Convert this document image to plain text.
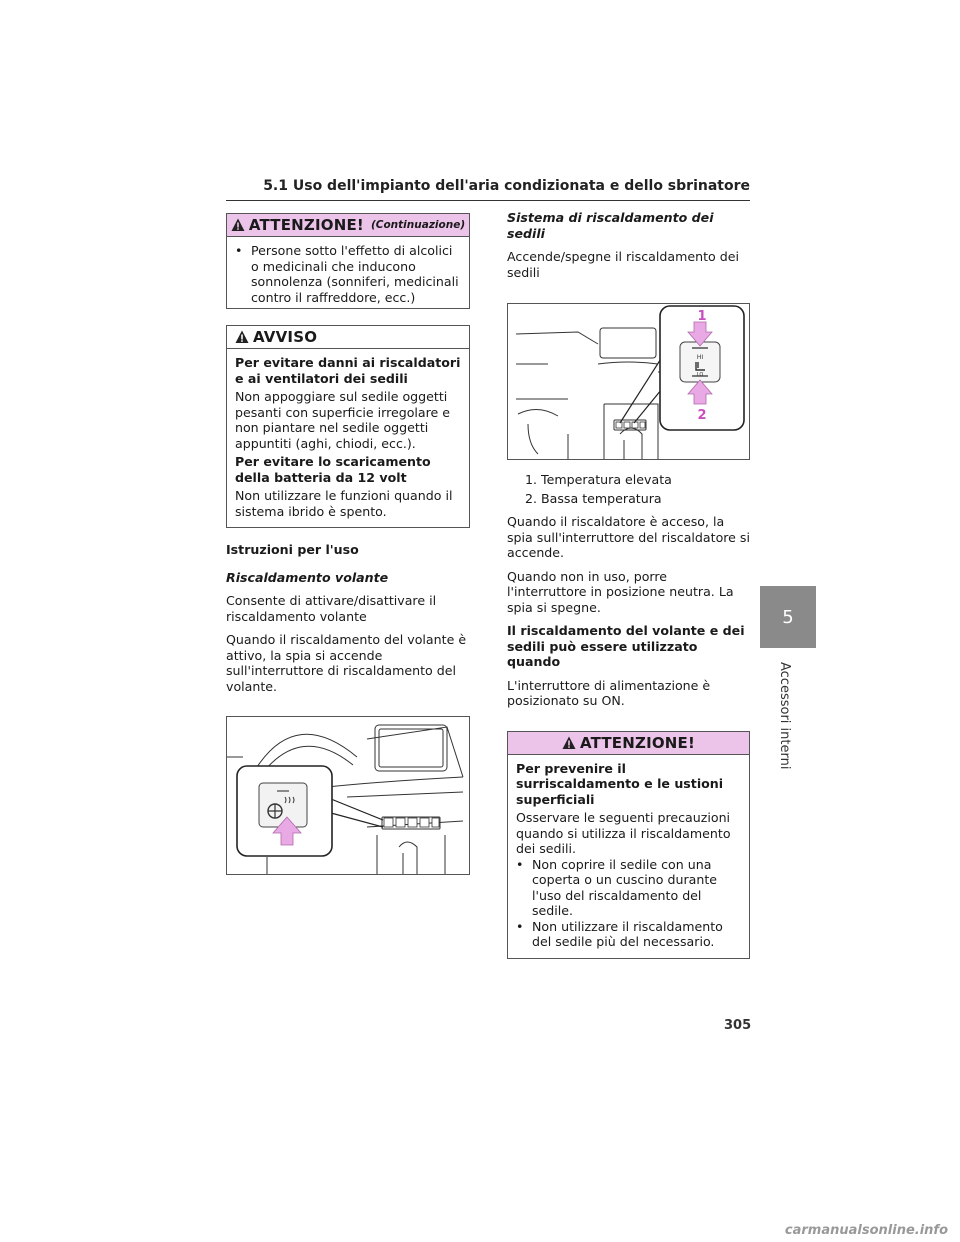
5.1 Uso dell'impianto dell'aria condizionata e dello sbrinatore
ATTENZIONE! (Continuazione)
• Persone sotto l'effetto di alcolici o medicinali che inducono sonnolenza (sonniferi, medicinali contro il raffreddore, ecc.)
AVVISO

Per evitare danni ai riscaldatori e ai ventilatori dei sedili

Non appoggiare sul sedile oggetti pesanti con superficie irregolare e non piantare nel sedile oggetti appuntiti (aghi, chiodi, ecc.).

Per evitare lo scaricamento della batteria da 12 volt

Non utilizzare le funzioni quando il sistema ibrido è spento.

Istruzioni per l'uso

Riscaldamento volante

Consente di attivare/disattivare il riscaldamento volante

Quando il riscaldamento del volante è attivo, la spia si accende sull'interruttore di riscaldamento del volante.

Sistema di riscaldamento dei sedili

Accende/spegne il riscaldamento dei sedili

HI
LO
1
2
1. Temperatura elevata
2. Bassa temperatura

Quando il riscaldatore è acceso, la spia sull'interruttore del riscaldatore si accende.

Quando non in uso, porre l'interruttore in posizione neutra. La spia si spegne.

Il riscaldamento del volante e dei sedili può essere utilizzato quando

L'interruttore di alimentazione è posizionato su ON.

ATTENZIONE!

Per prevenire il surriscaldamento e le ustioni superficiali

Osservare le seguenti precauzioni quando si utilizza il riscaldamento dei sedili.

• Non coprire il sedile con una coperta o un cuscino durante l'uso del riscaldamento del sedile.
• Non utilizzare il riscaldamento del sedile più del necessario.
5
Accessori interni
305
carmanualsonline.info
